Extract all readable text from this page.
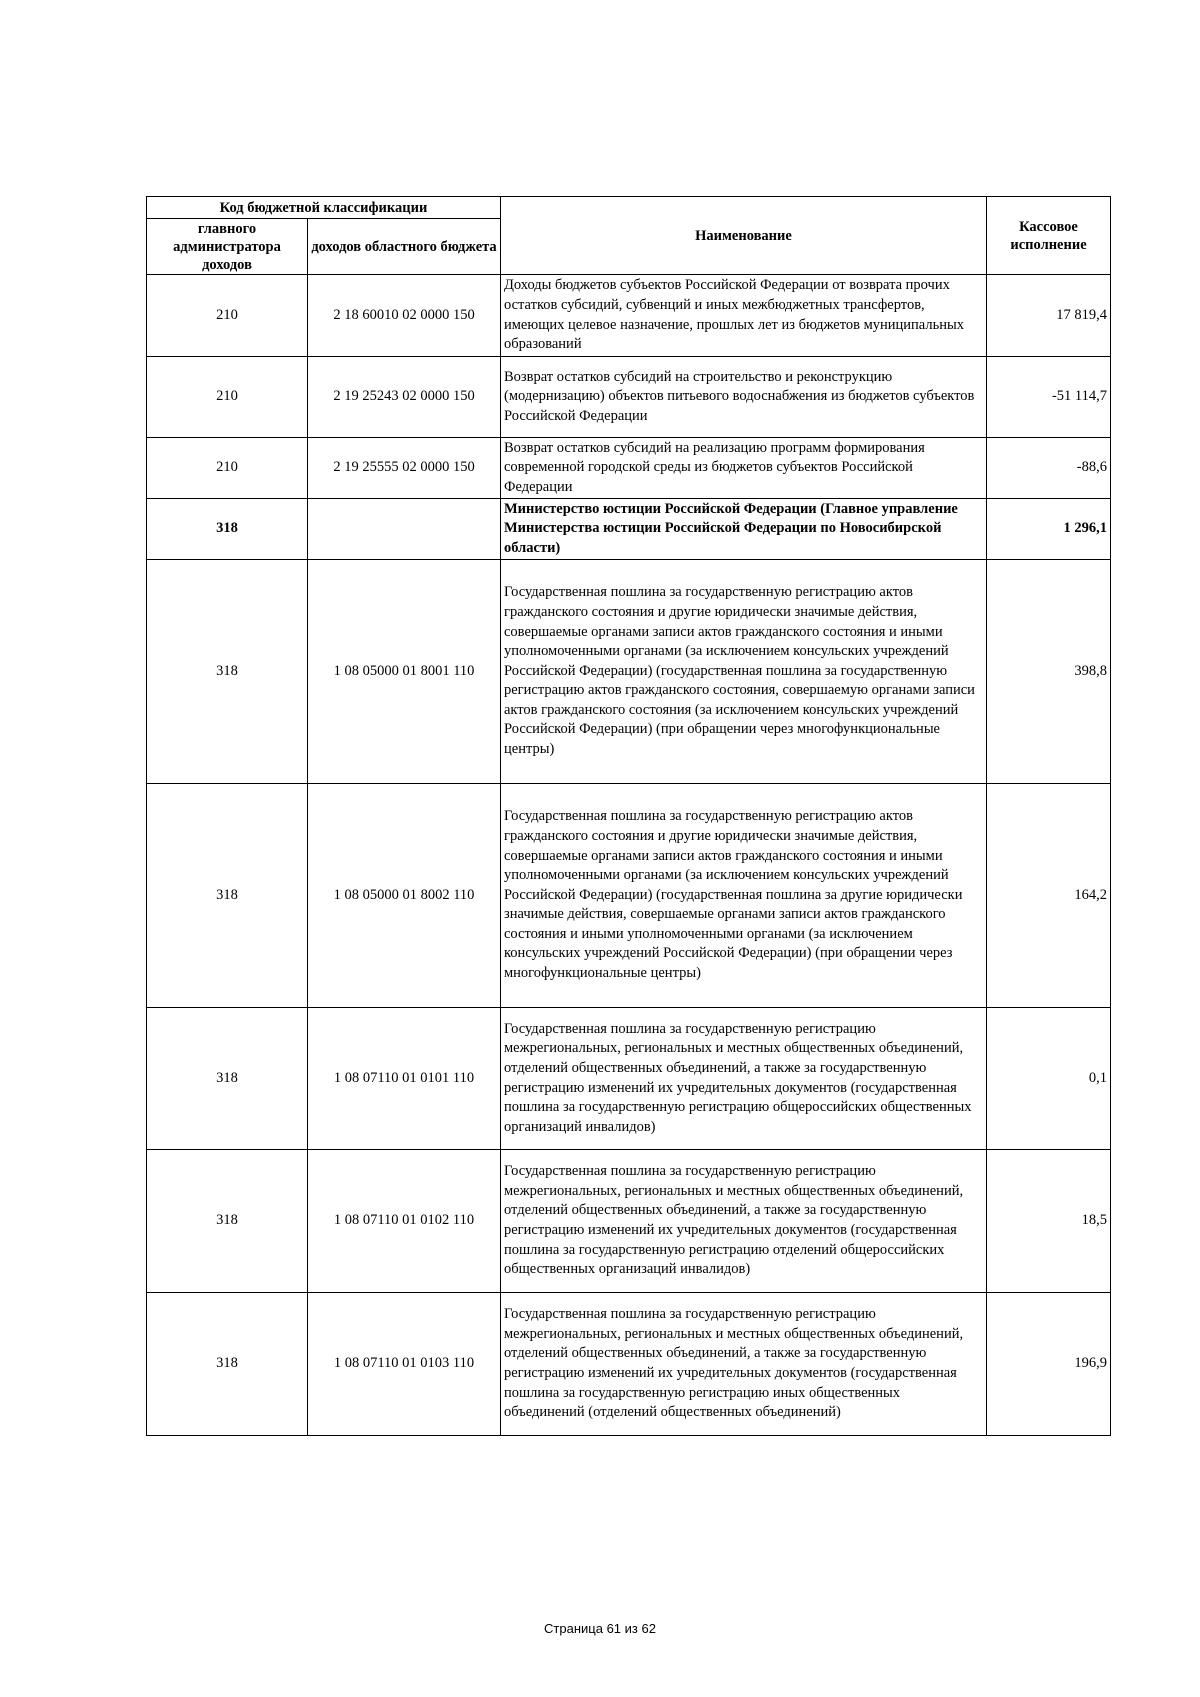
Код бюджетной классификации		Наименование	Кассовое исполнение
главного администратора доходов	доходов областного бюджета		
210	2 18 60010 02 0000 150	Доходы бюджетов субъектов Российской Федерации от возврата прочих остатков субсидий, субвенций и иных межбюджетных трансфертов, имеющих целевое назначение, прошлых лет из бюджетов муниципальных образований	17 819,4
210	2 19 25243 02 0000 150	Возврат остатков субсидий на строительство и реконструкцию (модернизацию) объектов питьевого водоснабжения из бюджетов субъектов Российской Федерации	-51 114,7
210	2 19 25555 02 0000 150	Возврат остатков субсидий на реализацию программ формирования современной городской среды из бюджетов субъектов Российской Федерации	-88,6
318		Министерство юстиции Российской Федерации (Главное управление Министерства юстиции Российской Федерации по Новосибирской области)	1 296,1
318	1 08 05000 01 8001 110	Государственная пошлина за государственную регистрацию актов гражданского состояния и другие юридически значимые действия, совершаемые органами записи актов гражданского состояния и иными уполномоченными органами (за исключением консульских учреждений Российской Федерации) (государственная пошлина за государственную регистрацию актов гражданского состояния, совершаемую органами записи актов гражданского состояния (за исключением консульских учреждений Российской Федерации) (при обращении через многофункциональные центры)	398,8
318	1 08 05000 01 8002 110	Государственная пошлина за государственную регистрацию актов гражданского состояния и другие юридически значимые действия, совершаемые органами записи актов гражданского состояния и иными уполномоченными органами (за исключением консульских учреждений Российской Федерации) (государственная пошлина за другие юридически значимые действия, совершаемые органами записи актов гражданского состояния и иными уполномоченными органами (за исключением консульских учреждений Российской Федерации) (при обращении через многофункциональные центры)	164,2
318	1 08 07110 01 0101 110	Государственная пошлина за государственную регистрацию межрегиональных, региональных и местных общественных объединений, отделений общественных объединений, а также за государственную регистрацию изменений их учредительных документов (государственная пошлина за государственную регистрацию общероссийских общественных организаций инвалидов)	0,1
318	1 08 07110 01 0102 110	Государственная пошлина за государственную регистрацию межрегиональных, региональных и местных общественных объединений, отделений общественных объединений, а также за государственную регистрацию изменений их учредительных документов (государственная пошлина за государственную регистрацию отделений общероссийских общественных организаций инвалидов)	18,5
318	1 08 07110 01 0103 110	Государственная пошлина за государственную регистрацию межрегиональных, региональных и местных общественных объединений, отделений общественных объединений, а также за государственную регистрацию изменений их учредительных документов (государственная пошлина за государственную регистрацию иных общественных объединений (отделений общественных объединений)	196,9
Страница 61 из 62
